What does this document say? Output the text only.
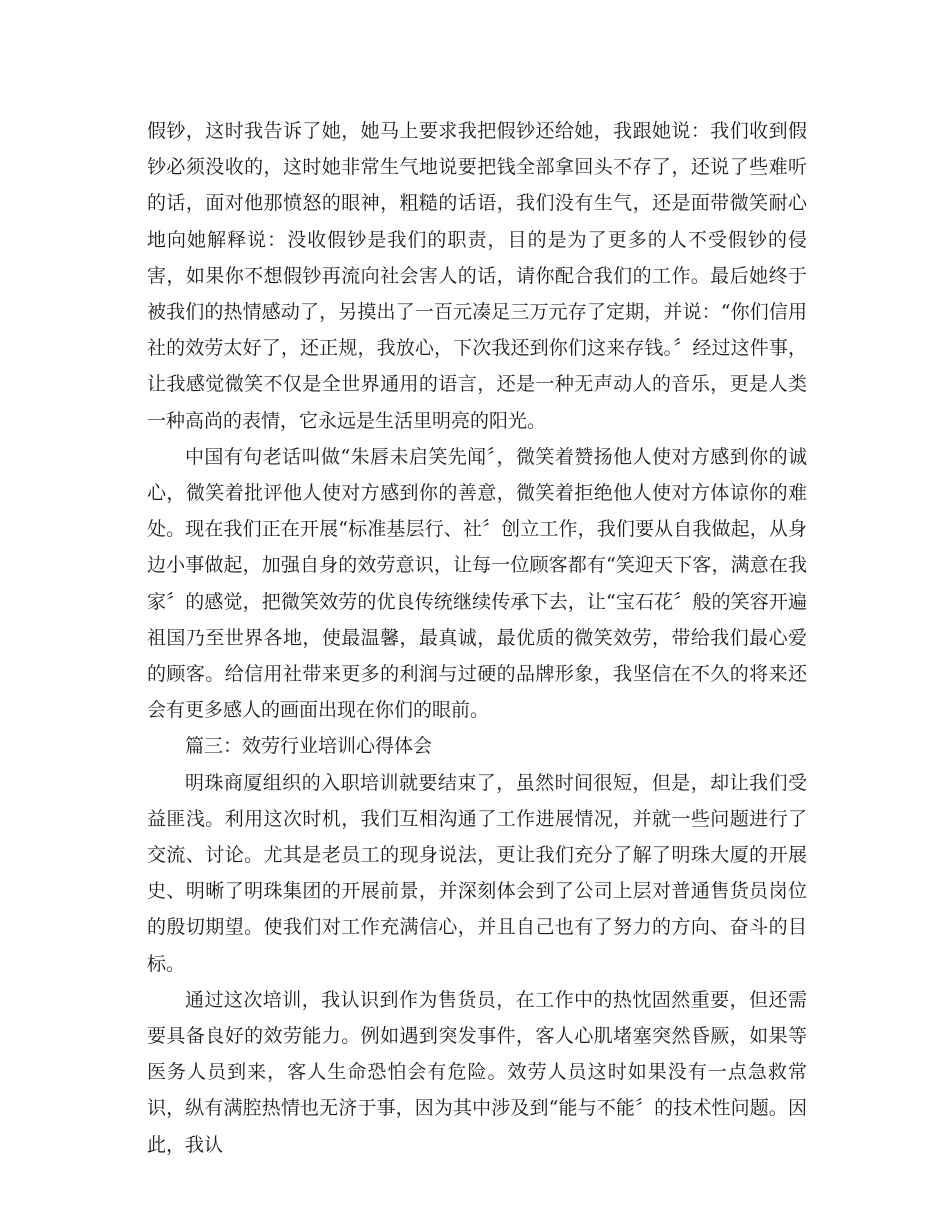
假钞，这时我告诉了她，她马上要求我把假钞还给她，我跟她说：我们收到假钞必须没收的，这时她非常生气地说要把钱全部拿回头不存了，还说了些难听的话，面对他那愤怒的眼神，粗糙的话语，我们没有生气，还是面带微笑耐心地向她解释说：没收假钞是我们的职责，目的是为了更多的人不受假钞的侵害，如果你不想假钞再流向社会害人的话，请你配合我们的工作。最后她终于被我们的热情感动了，另摸出了一百元凑足三万元存了定期，并说：“你们信用社的效劳太好了，还正规，我放心，下次我还到你们这来存钱。〞经过这件事，让我感觉微笑不仅是全世界通用的语言，还是一种无声动人的音乐，更是人类一种高尚的表情，它永远是生活里明亮的阳光。

中国有句老话叫做“朱唇未启笑先闻〞，微笑着赞扬他人使对方感到你的诚心，微笑着批评他人使对方感到你的善意，微笑着拒绝他人使对方体谅你的难处。现在我们正在开展“标准基层行、社〞创立工作，我们要从自我做起，从身边小事做起，加强自身的效劳意识，让每一位顾客都有“笑迎天下客，满意在我家〞的感觉，把微笑效劳的优良传统继续传承下去，让“宝石花〞般的笑容开遍祖国乃至世界各地，使最温馨，最真诚，最优质的微笑效劳，带给我们最心爱的顾客。给信用社带来更多的利润与过硬的品牌形象，我坚信在不久的将来还会有更多感人的画面出现在你们的眼前。

篇三：效劳行业培训心得体会

明珠商厦组织的入职培训就要结束了，虽然时间很短，但是，却让我们受益匪浅。利用这次时机，我们互相沟通了工作进展情况，并就一些问题进行了交流、讨论。尤其是老员工的现身说法，更让我们充分了解了明珠大厦的开展史、明晰了明珠集团的开展前景，并深刻体会到了公司上层对普通售货员岗位的殷切期望。使我们对工作充满信心，并且自己也有了努力的方向、奋斗的目标。

通过这次培训，我认识到作为售货员，在工作中的热忱固然重要，但还需要具备良好的效劳能力。例如遇到突发事件，客人心肌堵塞突然昏厥，如果等医务人员到来，客人生命恐怕会有危险。效劳人员这时如果没有一点急救常识，纵有满腔热情也无济于事，因为其中涉及到“能与不能〞的技术性问题。因此，我认
